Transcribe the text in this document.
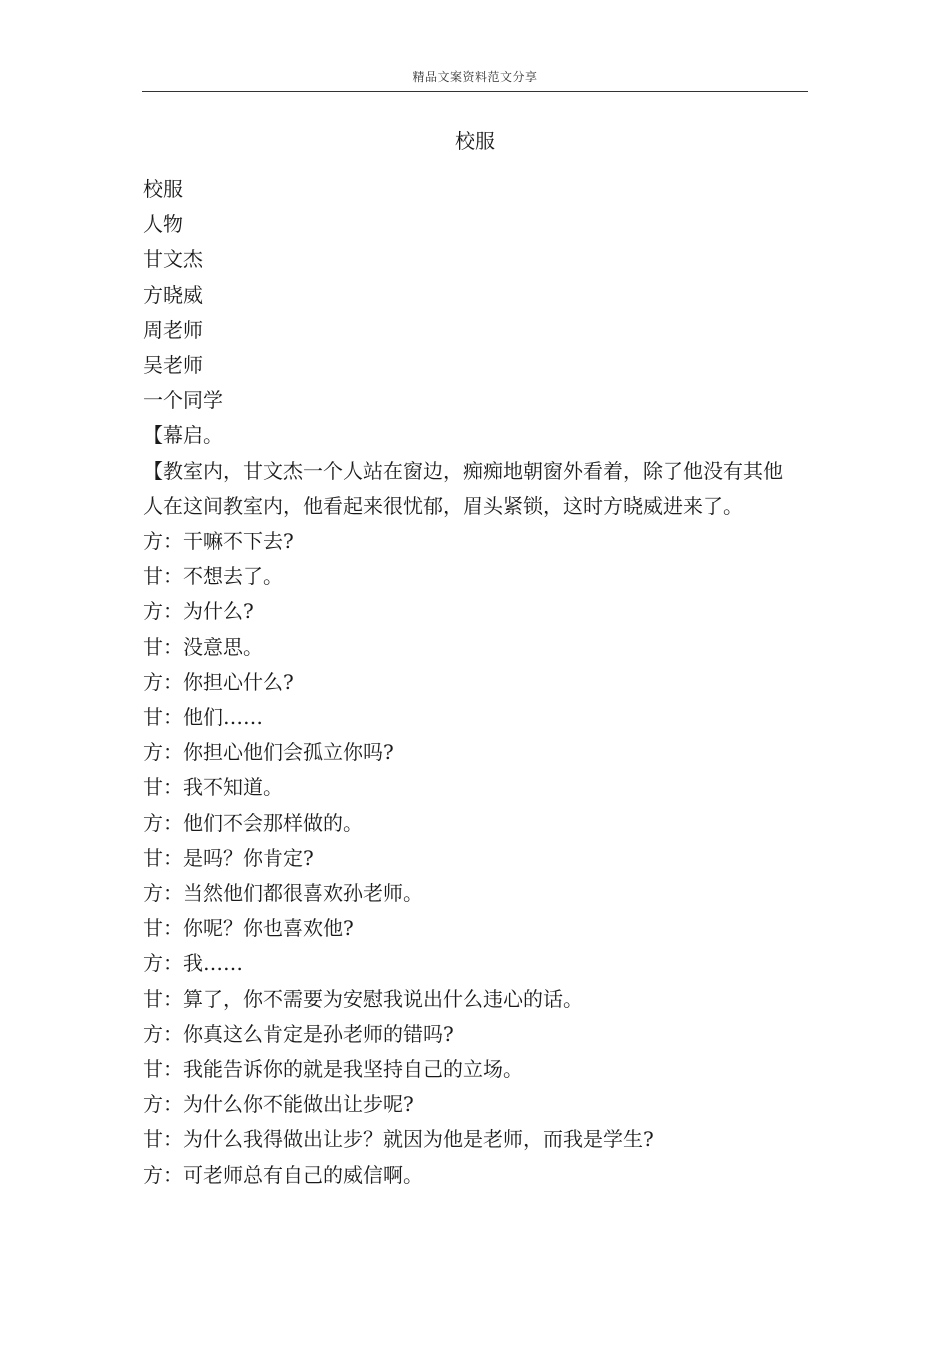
精品文案资料范文分享
校服

校服

人物

甘文杰

方晓威

周老师

吴老师

一个同学

【幕启。

【教室内，甘文杰一个人站在窗边，痴痴地朝窗外看着，除了他没有其他人在这间教室内，他看起来很忧郁，眉头紧锁，这时方晓威进来了。

方：干嘛不下去?

甘：不想去了。

方：为什么?

甘：没意思。

方：你担心什么?

甘：他们……

方：你担心他们会孤立你吗?

甘：我不知道。

方：他们不会那样做的。

甘：是吗？你肯定?

方：当然他们都很喜欢孙老师。

甘：你呢？你也喜欢他?

方：我……

甘：算了，你不需要为安慰我说出什么违心的话。

方：你真这么肯定是孙老师的错吗?

甘：我能告诉你的就是我坚持自己的立场。

方：为什么你不能做出让步呢?

甘：为什么我得做出让步？就因为他是老师，而我是学生?

方：可老师总有自己的威信啊。
